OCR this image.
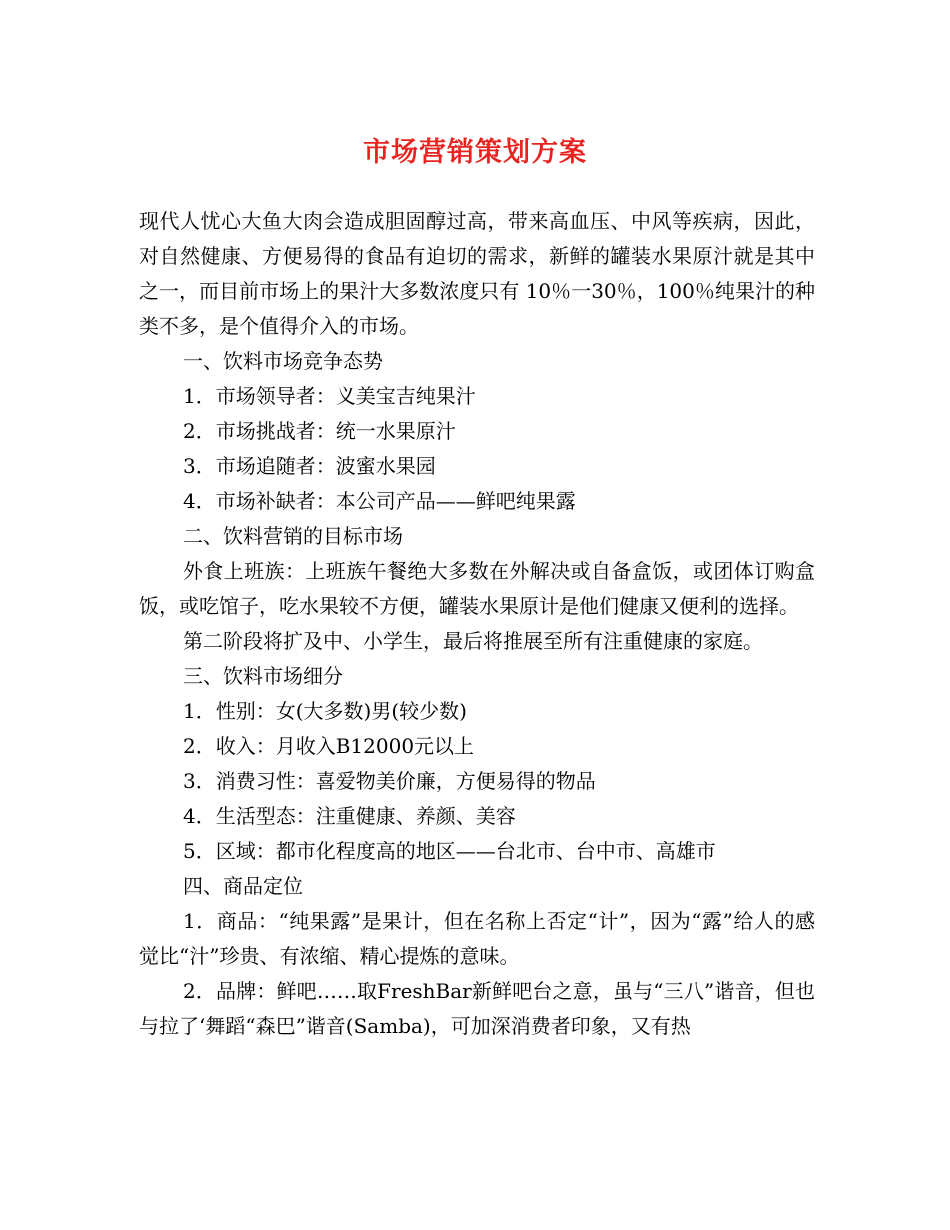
市场营销策划方案

现代人忧心大鱼大肉会造成胆固醇过高，带来高血压、中风等疾病，因此，对自然健康、方便易得的食品有迫切的需求，新鲜的罐装水果原汁就是其中之一，而目前市场上的果汁大多数浓度只有 10％一30％，100％纯果汁的种类不多，是个值得介入的市场。

一、饮料市场竞争态势

1．市场领导者：义美宝吉纯果汁

2．市场挑战者：统一水果原汁

3．市场追随者：波蜜水果园

4．市场补缺者：本公司产品——鲜吧纯果露

二、饮料营销的目标市场

外食上班族：上班族午餐绝大多数在外解决或自备盒饭，或团体订购盒饭，或吃馆子，吃水果较不方便，罐装水果原计是他们健康又便利的选择。

第二阶段将扩及中、小学生，最后将推展至所有注重健康的家庭。

三、饮料市场细分

1．性别：女(大多数)男(较少数)

2．收入：月收入B12000元以上

3．消费习性：喜爱物美价廉，方便易得的物品

4．生活型态：注重健康、养颜、美容

5．区域：都市化程度高的地区——台北市、台中市、高雄市

四、商品定位

1．商品：“纯果露”是果计，但在名称上否定“计”，因为“露”给人的感觉比“汁”珍贵、有浓缩、精心提炼的意味。

2．品牌：鲜吧……取FreshBar新鲜吧台之意，虽与“三八”谐音，但也与拉了‘舞蹈“森巴”谐音(Samba)，可加深消费者印象，又有热
